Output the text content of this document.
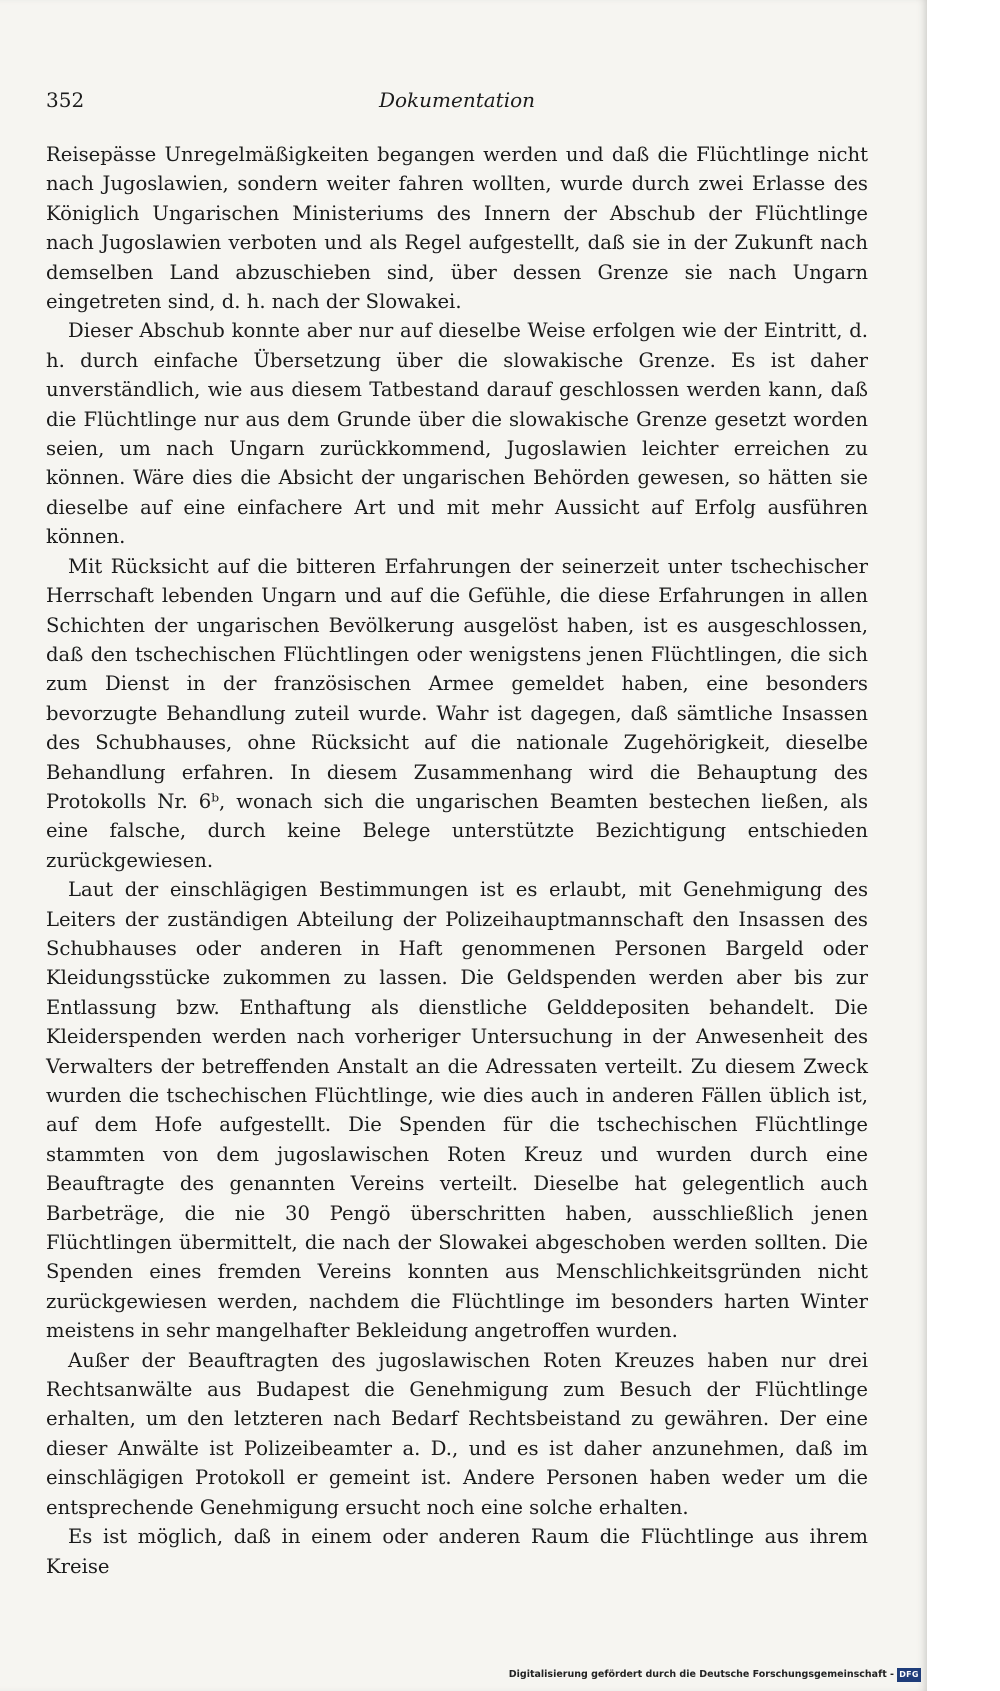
352	Dokumentation

Reisepässe Unregelmäßigkeiten begangen werden und daß die Flüchtlinge nicht nach Jugoslawien, sondern weiter fahren wollten, wurde durch zwei Erlasse des Königlich Ungarischen Ministeriums des Innern der Abschub der Flüchtlinge nach Jugoslawien verboten und als Regel aufgestellt, daß sie in der Zukunft nach demselben Land abzuschieben sind, über dessen Grenze sie nach Ungarn eingetreten sind, d. h. nach der Slowakei.

Dieser Abschub konnte aber nur auf dieselbe Weise erfolgen wie der Eintritt, d. h. durch einfache Übersetzung über die slowakische Grenze. Es ist daher unverständlich, wie aus diesem Tatbestand darauf geschlossen werden kann, daß die Flüchtlinge nur aus dem Grunde über die slowakische Grenze gesetzt worden seien, um nach Ungarn zurückkommend, Jugoslawien leichter erreichen zu können. Wäre dies die Absicht der ungarischen Behörden gewesen, so hätten sie dieselbe auf eine einfachere Art und mit mehr Aussicht auf Erfolg ausführen können.

Mit Rücksicht auf die bitteren Erfahrungen der seinerzeit unter tschechischer Herrschaft lebenden Ungarn und auf die Gefühle, die diese Erfahrungen in allen Schichten der ungarischen Bevölkerung ausgelöst haben, ist es ausgeschlossen, daß den tschechischen Flüchtlingen oder wenigstens jenen Flüchtlingen, die sich zum Dienst in der französischen Armee gemeldet haben, eine besonders bevorzugte Behandlung zuteil wurde. Wahr ist dagegen, daß sämtliche Insassen des Schubhauses, ohne Rücksicht auf die nationale Zugehörigkeit, dieselbe Behandlung erfahren. In diesem Zusammenhang wird die Behauptung des Protokolls Nr. 6ᵇ, wonach sich die ungarischen Beamten bestechen ließen, als eine falsche, durch keine Belege unterstützte Bezichtigung entschieden zurückgewiesen.

Laut der einschlägigen Bestimmungen ist es erlaubt, mit Genehmigung des Leiters der zuständigen Abteilung der Polizeihauptmannschaft den Insassen des Schubhauses oder anderen in Haft genommenen Personen Bargeld oder Kleidungsstücke zukommen zu lassen. Die Geldspenden werden aber bis zur Entlassung bzw. Enthaftung als dienstliche Gelddepositen behandelt. Die Kleiderspenden werden nach vorheriger Untersuchung in der Anwesenheit des Verwalters der betreffenden Anstalt an die Adressaten verteilt. Zu diesem Zweck wurden die tschechischen Flüchtlinge, wie dies auch in anderen Fällen üblich ist, auf dem Hofe aufgestellt. Die Spenden für die tschechischen Flüchtlinge stammten von dem jugoslawischen Roten Kreuz und wurden durch eine Beauftragte des genannten Vereins verteilt. Dieselbe hat gelegentlich auch Barbeträge, die nie 30 Pengö überschritten haben, ausschließlich jenen Flüchtlingen übermittelt, die nach der Slowakei abgeschoben werden sollten. Die Spenden eines fremden Vereins konnten aus Menschlichkeitsgründen nicht zurückgewiesen werden, nachdem die Flüchtlinge im besonders harten Winter meistens in sehr mangelhafter Bekleidung angetroffen wurden.

Außer der Beauftragten des jugoslawischen Roten Kreuzes haben nur drei Rechtsanwälte aus Budapest die Genehmigung zum Besuch der Flüchtlinge erhalten, um den letzteren nach Bedarf Rechtsbeistand zu gewähren. Der eine dieser Anwälte ist Polizeibeamter a. D., und es ist daher anzunehmen, daß im einschlägigen Protokoll er gemeint ist. Andere Personen haben weder um die entsprechende Genehmigung ersucht noch eine solche erhalten.

Es ist möglich, daß in einem oder anderen Raum die Flüchtlinge aus ihrem Kreise

Digitalisierung gefördert durch die Deutsche Forschungsgemeinschaft - DFG
